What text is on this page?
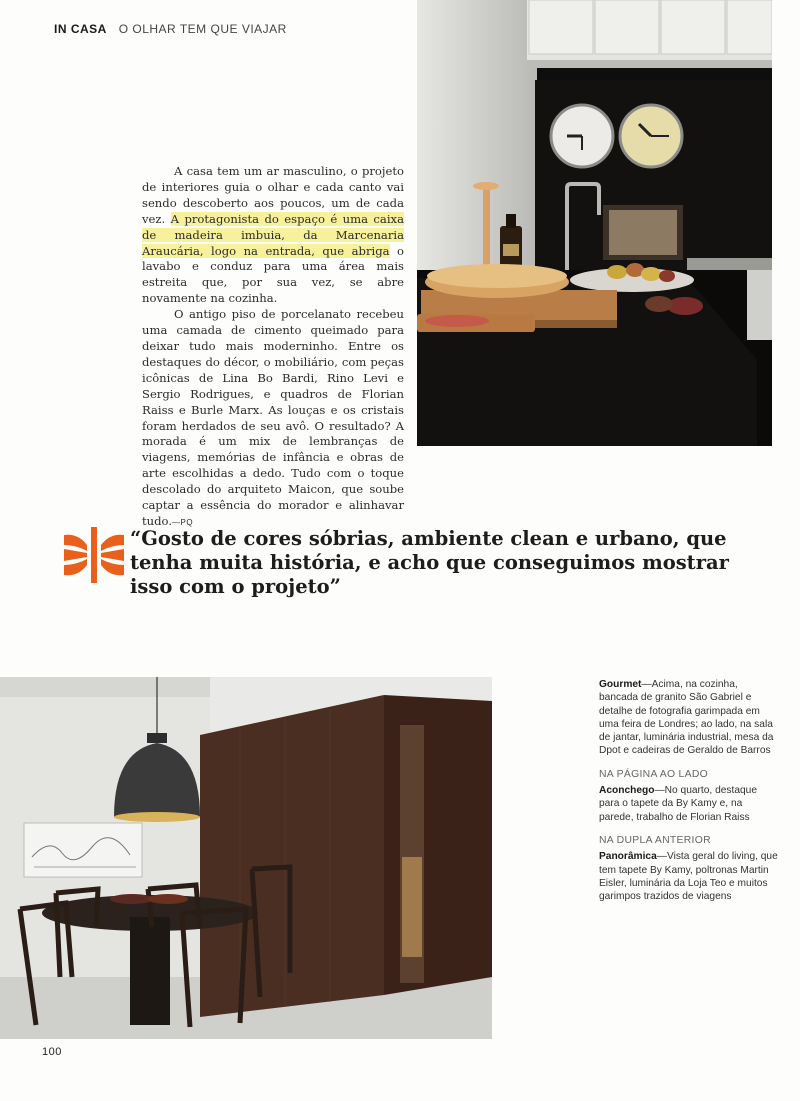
IN CASA O OLHAR TEM QUE VIAJAR

A casa tem um ar masculino, o projeto de interiores guia o olhar e cada canto vai sendo descoberto aos poucos, um de cada vez. A protagonista do espaço é uma caixa de madeira imbuia, da Marcenaria Araucária, logo na entrada, que abriga o lavabo e conduz para uma área mais estreita que, por sua vez, se abre novamente na cozinha.

O antigo piso de porcelanato recebeu uma camada de cimento queimado para deixar tudo mais moderninho. Entre os destaques do décor, o mobiliário, com peças icônicas de Lina Bo Bardi, Rino Levi e Sergio Rodrigues, e quadros de Florian Raiss e Burle Marx. As louças e os cristais foram herdados de seu avô. O resultado? A morada é um mix de lembranças de viagens, memórias de infância e obras de arte escolhidas a dedo. Tudo com o toque descolado do arquiteto Maicon, que soube captar a essência do morador e alinhavar tudo.—PQ

“Gosto de cores sóbrias, ambiente clean e urbano, que tenha muita história, e acho que conseguimos mostrar isso com o projeto”

Gourmet—Acima, na cozinha, bancada de granito São Gabriel e detalhe de fotografia garimpada em uma feira de Londres; ao lado, na sala de jantar, luminária industrial, mesa da Dpot e cadeiras de Geraldo de Barros

NA PÁGINA AO LADO

Aconchego—No quarto, destaque para o tapete da By Kamy e, na parede, trabalho de Florian Raiss

NA DUPLA ANTERIOR

Panorâmica—Vista geral do living, que tem tapete By Kamy, poltronas Martin Eisler, luminária da Loja Teo e muitos garimpos trazidos de viagens

100
